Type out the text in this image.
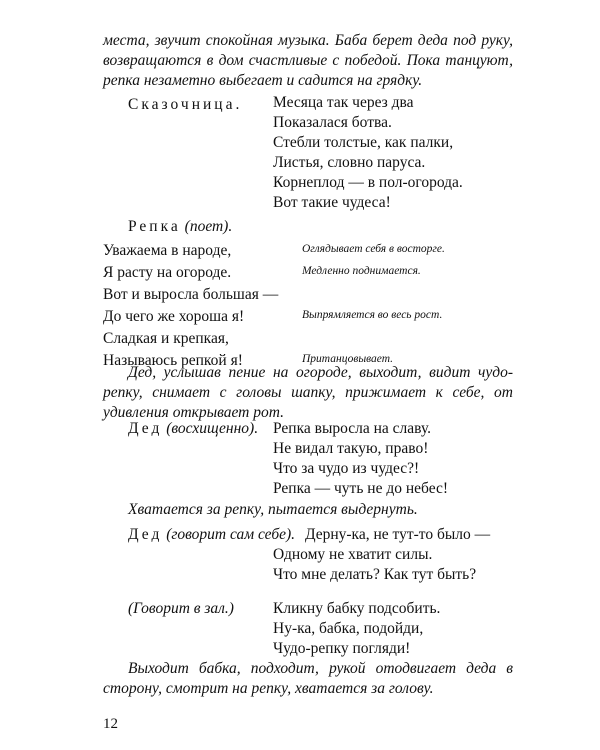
места, звучит спокойная музыка. Баба берет деда под руку, возвращаются в дом счастливые с победой. Пока танцуют, репка незаметно выбегает и садится на грядку.

Сказочница. Месяца так через два
Показалася ботва.
Стебли толстые, как палки,
Листья, словно паруса.
Корнеплод — в пол-огорода.
Вот такие чудеса!
Репка (поет).
Уважаема в народе,
Я расту на огороде.
Вот и выросла большая —
До чего же хороша я!
Сладкая и крепкая,
Называюсь репкой я!
Оглядывает себя в восторге.
Медленно поднимается.
Выпрямляется во весь рост.
Пританцовывает.

Дед, услышав пение на огороде, выходит, видит чудо-репку, снимает с головы шапку, прижимает к себе, от удивления открывает рот.

Дед (восхищенно). Репка выросла на славу.
Не видал такую, право!
Что за чудо из чудес?!
Репка — чуть не до небес!

Хватается за репку, пытается выдернуть.

Дед (говорит сам себе). Дерну-ка, не тут-то было —
Одному не хватит силы.
Что мне делать? Как тут быть?
(Говорит в зал.)	Кликну бабку подсобить.
Ну-ка, бабка, подойди,
Чудо-репку погляди!

Выходит бабка, подходит, рукой отодвигает деда в сторону, смотрит на репку, хватается за голову.

12
